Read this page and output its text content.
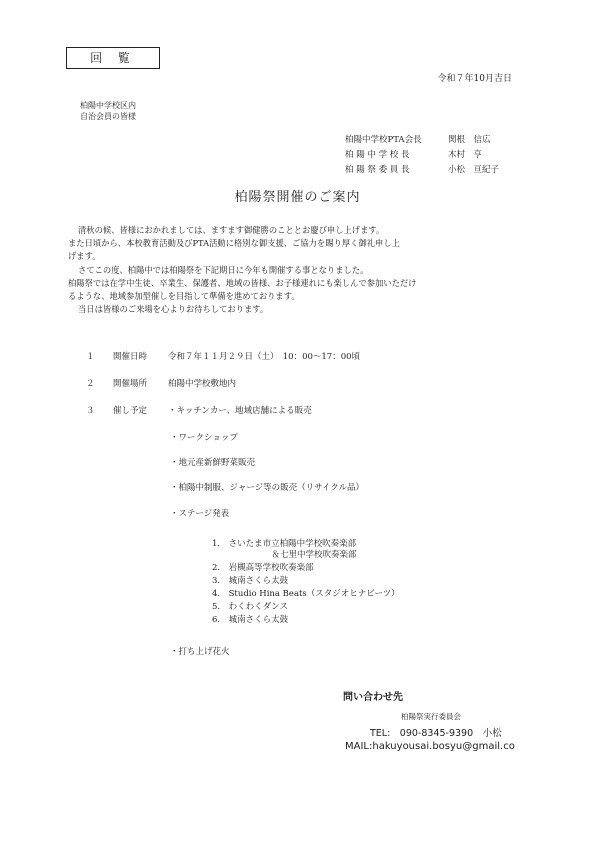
回 覧
令和７年10月吉日
柏陽中学校区内
自治会員の皆様
柏陽中学校PTA会長	関根　信広
柏 陽 中 学 校 長	木村　亨
柏 陽 祭 委 員 長	小松　亘紀子
柏陽祭開催のご案内
清秋の候、皆様におかれましては、ますます御健勝のこととお慶び申し上げます。
また日頃から、本校教育活動及びPTA活動に格別な御支援、ご協力を賜り厚く御礼申し上
げます。
さてこの度、柏陽中では柏陽祭を下記期日に今年も開催する事となりました。
柏陽祭では在学中生徒、卒業生、保護者、地域の皆様、お子様連れにも楽しんで参加いただけ
るような、地域参加型催しを目指して準備を進めております。
当日は皆様のご来場を心よりお待ちしております。
１ 開催日時 令和７年１１月２９日（土）　10：00～17：00頃
２ 開催場所 柏陽中学校敷地内
３ 催し予定 ・キッチンカー、地域店舗による販売
・ワークショップ
・地元産新鮮野菜販売
・柏陽中制服、ジャージ等の販売（リサイクル品）
・ステージ発表
1.　さいたま市立柏陽中学校吹奏楽部
　　　　　　　＆七里中学校吹奏楽部
2.　岩槻高等学校吹奏楽部
3.　城南さくら太鼓
4.　Studio Hina Beats（スタジオヒナビーツ）
5.　わくわくダンス
6.　城南さくら太鼓
・打ち上げ花火
問い合わせ先
柏陽祭実行委員会
TEL:　090-8345-9390　小松
MAIL:hakuyousai.bosyu@gmail.co
